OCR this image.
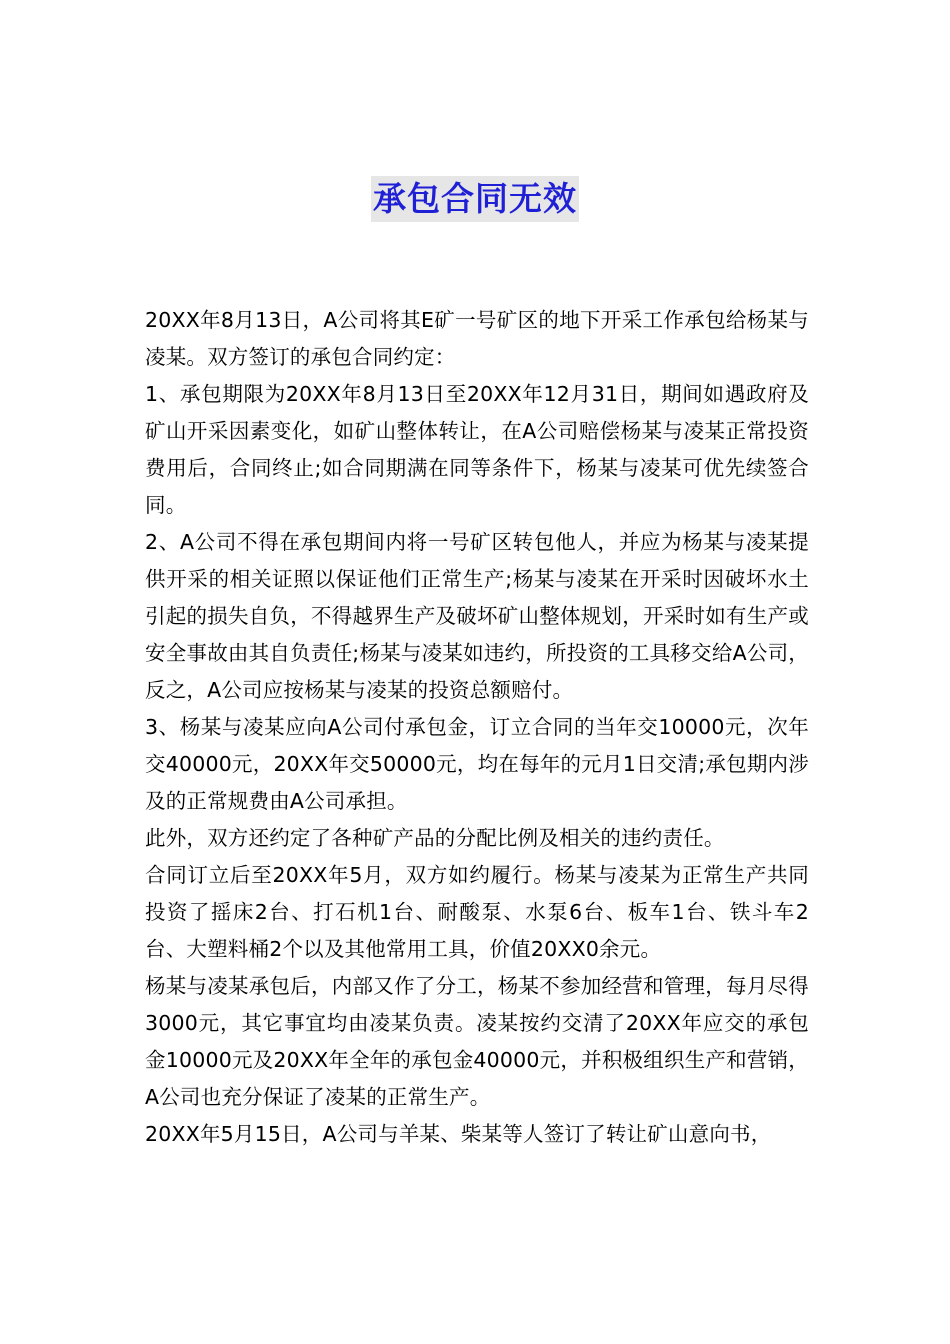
承包合同无效

20XX年8月13日，A公司将其E矿一号矿区的地下开采工作承包给杨某与凌某。双方签订的承包合同约定：

1、承包期限为20XX年8月13日至20XX年12月31日，期间如遇政府及矿山开采因素变化，如矿山整体转让，在A公司赔偿杨某与凌某正常投资费用后，合同终止;如合同期满在同等条件下，杨某与凌某可优先续签合同。

2、A公司不得在承包期间内将一号矿区转包他人，并应为杨某与凌某提供开采的相关证照以保证他们正常生产;杨某与凌某在开采时因破坏水土引起的损失自负，不得越界生产及破坏矿山整体规划，开采时如有生产或安全事故由其自负责任;杨某与凌某如违约，所投资的工具移交给A公司，反之，A公司应按杨某与凌某的投资总额赔付。

3、杨某与凌某应向A公司付承包金，订立合同的当年交10000元，次年交40000元，20XX年交50000元，均在每年的元月1日交清;承包期内涉及的正常规费由A公司承担。

此外，双方还约定了各种矿产品的分配比例及相关的违约责任。

合同订立后至20XX年5月，双方如约履行。杨某与凌某为正常生产共同投资了摇床2台、打石机1台、耐酸泵、水泵6台、板车1台、铁斗车2台、大塑料桶2个以及其他常用工具，价值20XX0余元。

杨某与凌某承包后，内部又作了分工，杨某不参加经营和管理，每月尽得3000元，其它事宜均由凌某负责。凌某按约交清了20XX年应交的承包金10000元及20XX年全年的承包金40000元，并积极组织生产和营销，A公司也充分保证了凌某的正常生产。

20XX年5月15日，A公司与羊某、柴某等人签订了转让矿山意向书，
